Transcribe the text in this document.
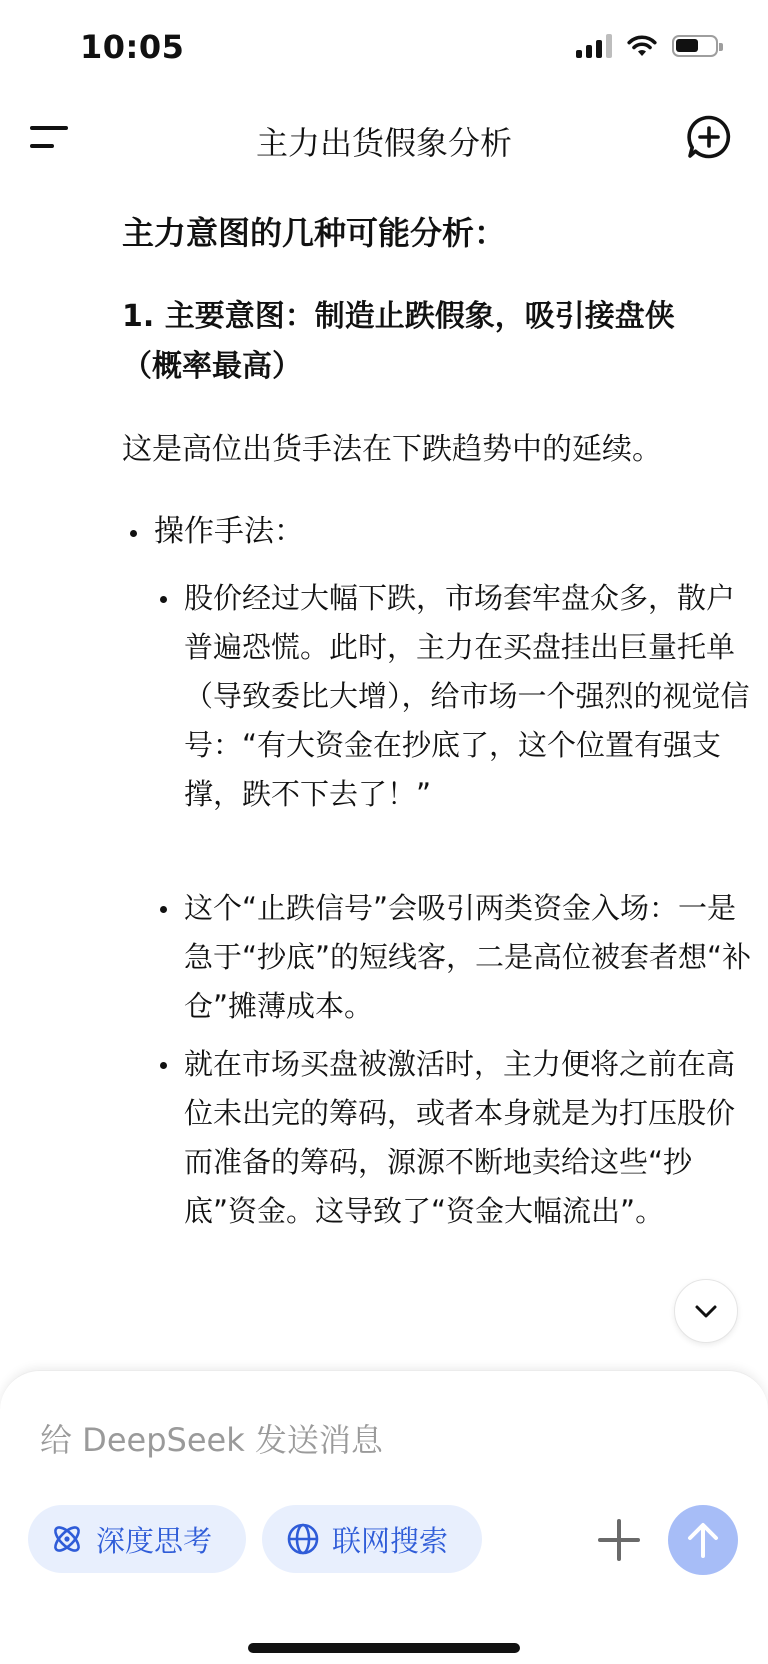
10:05
主力出货假象分析
主力意图的几种可能分析：
1. 主要意图：制造止跌假象，吸引接盘侠（概率最高）
这是高位出货手法在下跌趋势中的延续。
操作手法：
股价经过大幅下跌，市场套牢盘众多，散户普遍恐慌。此时，主力在买盘挂出巨量托单（导致委比大增），给市场一个强烈的视觉信号：“有大资金在抄底了，这个位置有强支撑，跌不下去了！”
这个“止跌信号”会吸引两类资金入场：一是急于“抄底”的短线客，二是高位被套者想“补仓”摊薄成本。
就在市场买盘被激活时，主力便将之前在高位未出完的筹码，或者本身就是为打压股价而准备的筹码，源源不断地卖给这些“抄底”资金。这导致了“资金大幅流出”。
给 DeepSeek 发送消息
深度思考	联网搜索
